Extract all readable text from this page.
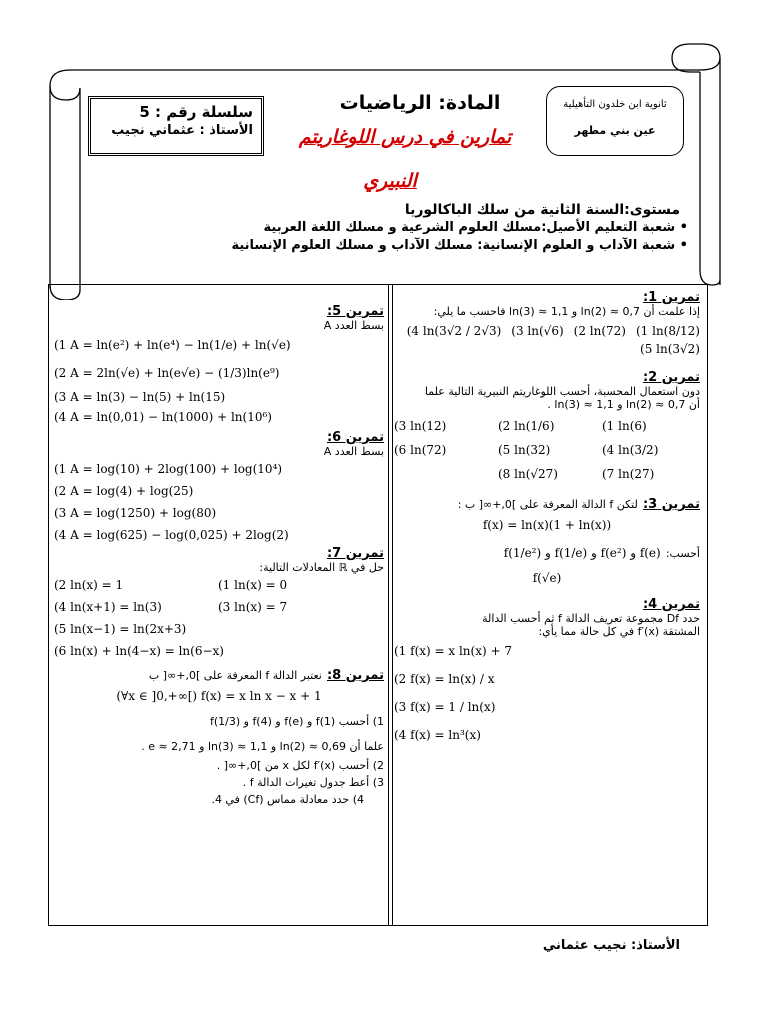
سلسلة رقم : 5
الأستاذ : عثماني نجيب
المادة: الرياضيات
تمارين في درس اللوغاريتم
النبيري
ثانوية ابن خلدون التأهيلية
عين بني مطهر
مستوى:السنة الثانية من سلك الباكالوريا
• شعبة التعليم الأصيل:مسلك العلوم الشرعية و مسلك اللغة العربية
• شعبة الآداب و العلوم الإنسانية: مسلك الآداب و مسلك العلوم الإنسانية
تمرين 1:
إذا علمت أن ln(2) ≈ 0,7 و ln(3) ≈ 1,1 فاحسب ما يلي:
(1 ln(8/12)
(2 ln(72)
(3 ln(√6)
(4 ln(3√2 / 2√3)
(5 ln(3√2)
تمرين 2:
دون استعمال المحسبة، أحسب اللوغاريتم النبيرية التالية علما
أن ln(2) ≈ 0,7 و ln(3) ≈ 1,1 .
(1 ln(6)
(2 ln(1/6)
(3 ln(12)
(4 ln(3/2)
(5 ln(32)
(6 ln(72)
(7 ln(27)
(8 ln(√27)
تمرين 3: لتكن f الدالة المعرفة على ]0,+∞[ ب :
f(x) = ln(x)(1 + ln(x))
أحسب: f(e) و f(e²) و f(1/e) و f(1/e²)
f(√e)
تمرين 4:
حدد Df مجموعة تعريف الدالة f ثم أحسب الدالة
المشتقة f′(x) في كل حالة مما يأي:
(1 f(x) = x ln(x) + 7
(2 f(x) = ln(x) / x
(3 f(x) = 1 / ln(x)
(4 f(x) = ln³(x)
تمرين 5:
بسط العدد A
(1 A = ln(e²) + ln(e⁴) − ln(1/e) + ln(√e)
(2 A = 2ln(√e) + ln(e√e) − (1/3)ln(e⁹)
(3 A = ln(3) − ln(5) + ln(15)
(4 A = ln(0,01) − ln(1000) + ln(10⁶)
تمرين 6:
بسط العدد A
(1 A = log(10) + 2log(100) + log(10⁴)
(2 A = log(4) + log(25)
(3 A = log(1250) + log(80)
(4 A = log(625) − log(0,025) + 2log(2)
تمرين 7:
حل في ℝ المعادلات التالية:
(1 ln(x) = 0
(2 ln(x) = 1
(3 ln(x) = 7
(4 ln(x+1) = ln(3)
(5 ln(x−1) = ln(2x+3)
(6 ln(x) + ln(4−x) = ln(6−x)
تمرين 8: نعتبر الدالة f المعرفة على ]0,+∞[ ب
(∀x ∈ ]0,+∞[) f(x) = x ln x − x + 1
1) أحسب f(1) و f(e) و f(4) و f(1/3)
علما أن ln(2) ≈ 0,69 و ln(3) ≈ 1,1 و e ≈ 2,71 .
2) أحسب f′(x) لكل x من ]0,+∞[ .
3) أعط جدول تغيرات الدالة f .
4) حدد معادلة مماس (Cf) في 4.
الأستاذ: نجيب عثماني
